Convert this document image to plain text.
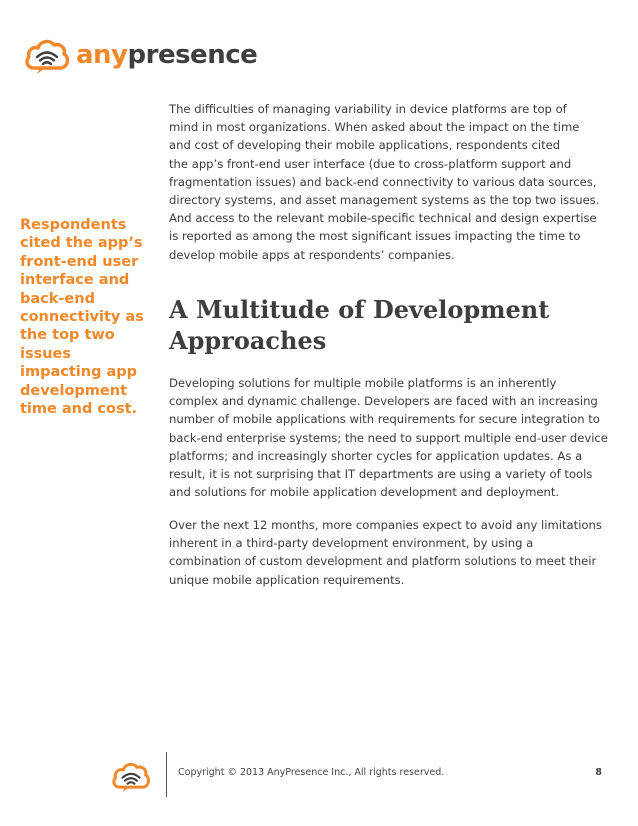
anypresence

Respondents cited the app’s front-end user interface and back-end connectivity as the top two issues impacting app development time and cost.

The difficulties of managing variability in device platforms are top of

mind in most organizations. When asked about the impact on the time

and cost of developing their mobile applications, respondents cited

the app’s front-end user interface (due to cross-platform support and

fragmentation issues) and back-end connectivity to various data sources,

directory systems, and asset management systems as the top two issues.

And access to the relevant mobile-specific technical and design expertise

is reported as among the most significant issues impacting the time to

develop mobile apps at respondents’ companies.

A Multitude of Development
Approaches

Developing solutions for multiple mobile platforms is an inherently

complex and dynamic challenge. Developers are faced with an increasing

number of mobile applications with requirements for secure integration to

back-end enterprise systems; the need to support multiple end-user device

platforms; and increasingly shorter cycles for application updates. As a

result, it is not surprising that IT departments are using a variety of tools

and solutions for mobile application development and deployment.

Over the next 12 months, more companies expect to avoid any limitations

inherent in a third-party development environment, by using a

combination of custom development and platform solutions to meet their

unique mobile application requirements.

Copyright © 2013 AnyPresence Inc., All rights reserved.	8
